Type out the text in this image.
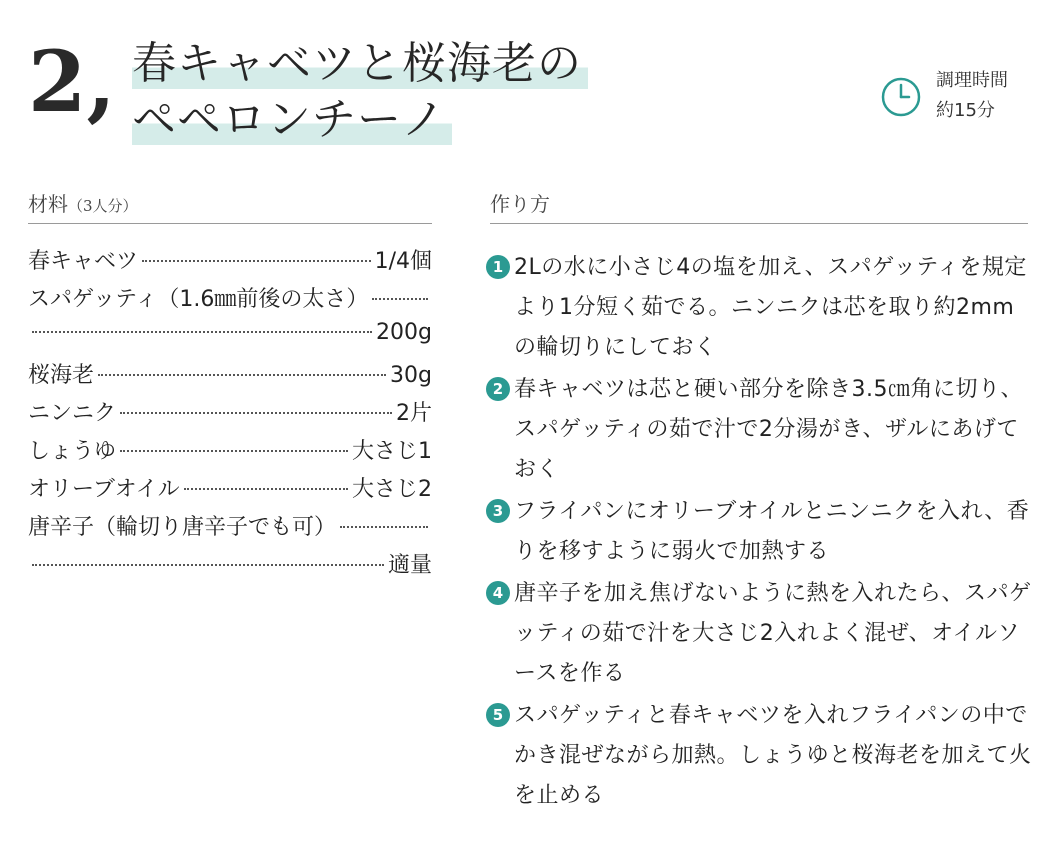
2, 春キャベツと桜海老の
ペペロンチーノ
調理時間
約15分
材料（3人分）
春キャベツ	1/4個
スパゲッティ（1.6㎜前後の太さ）
200g
桜海老	30g
ニンニク	2片
しょうゆ	大さじ1
オリーブオイル	大さじ2
唐辛子（輪切り唐辛子でも可）
適量
作り方
1 2Lの水に小さじ4の塩を加え、スパゲッティを規定より1分短く茹でる。ニンニクは芯を取り約2mmの輪切りにしておく
2 春キャベツは芯と硬い部分を除き3.5㎝角に切り、スパゲッティの茹で汁で2分湯がき、ザルにあげておく
3 フライパンにオリーブオイルとニンニクを入れ、香りを移すように弱火で加熱する
4 唐辛子を加え焦げないように熱を入れたら、スパゲッティの茹で汁を大さじ2入れよく混ぜ、オイルソースを作る
5 スパゲッティと春キャベツを入れフライパンの中でかき混ぜながら加熱。しょうゆと桜海老を加えて火を止める
